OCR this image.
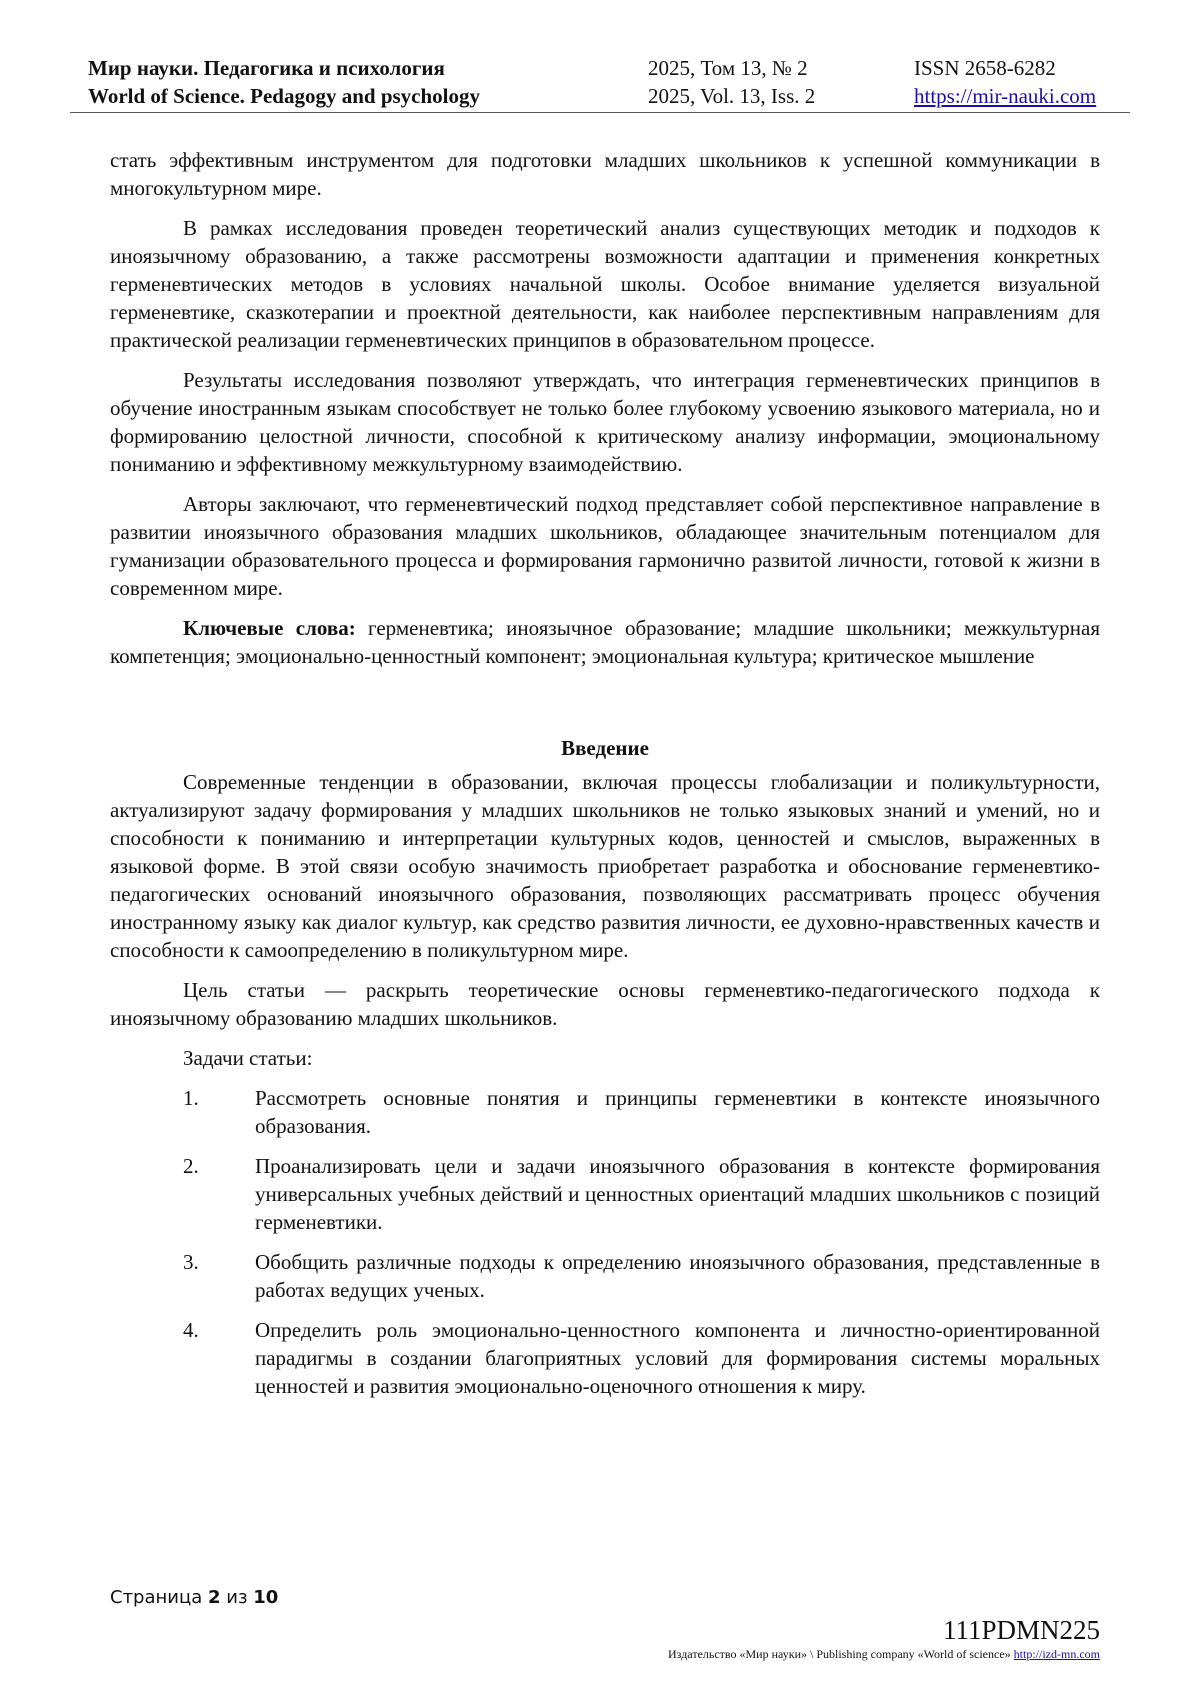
Мир науки. Педагогика и психология
World of Science. Pedagogy and psychology
2025, Том 13, № 2
2025, Vol. 13, Iss. 2
ISSN 2658-6282
https://mir-nauki.com

стать эффективным инструментом для подготовки младших школьников к успешной коммуникации в многокультурном мире.

В рамках исследования проведен теоретический анализ существующих методик и подходов к иноязычному образованию, а также рассмотрены возможности адаптации и применения конкретных герменевтических методов в условиях начальной школы. Особое внимание уделяется визуальной герменевтике, сказкотерапии и проектной деятельности, как наиболее перспективным направлениям для практической реализации герменевтических принципов в образовательном процессе.

Результаты исследования позволяют утверждать, что интеграция герменевтических принципов в обучение иностранным языкам способствует не только более глубокому усвоению языкового материала, но и формированию целостной личности, способной к критическому анализу информации, эмоциональному пониманию и эффективному межкультурному взаимодействию.

Авторы заключают, что герменевтический подход представляет собой перспективное направление в развитии иноязычного образования младших школьников, обладающее значительным потенциалом для гуманизации образовательного процесса и формирования гармонично развитой личности, готовой к жизни в современном мире.

Ключевые слова: герменевтика; иноязычное образование; младшие школьники; межкультурная компетенция; эмоционально-ценностный компонент; эмоциональная культура; критическое мышление

Введение

Современные тенденции в образовании, включая процессы глобализации и поликультурности, актуализируют задачу формирования у младших школьников не только языковых знаний и умений, но и способности к пониманию и интерпретации культурных кодов, ценностей и смыслов, выраженных в языковой форме. В этой связи особую значимость приобретает разработка и обоснование герменевтико-педагогических оснований иноязычного образования, позволяющих рассматривать процесс обучения иностранному языку как диалог культур, как средство развития личности, ее духовно-нравственных качеств и способности к самоопределению в поликультурном мире.

Цель статьи — раскрыть теоретические основы герменевтико-педагогического подхода к иноязычному образованию младших школьников.

Задачи статьи:

1.	Рассмотреть основные понятия и принципы герменевтики в контексте иноязычного образования.
2.	Проанализировать цели и задачи иноязычного образования в контексте формирования универсальных учебных действий и ценностных ориентаций младших школьников с позиций герменевтики.
3.	Обобщить различные подходы к определению иноязычного образования, представленные в работах ведущих ученых.
4.	Определить роль эмоционально-ценностного компонента и личностно-ориентированной парадигмы в создании благоприятных условий для формирования системы моральных ценностей и развития эмоционально-оценочного отношения к миру.
Страница 2 из 10
111PDMN225
Издательство «Мир науки» \ Publishing company «World of science» http://izd-mn.com
